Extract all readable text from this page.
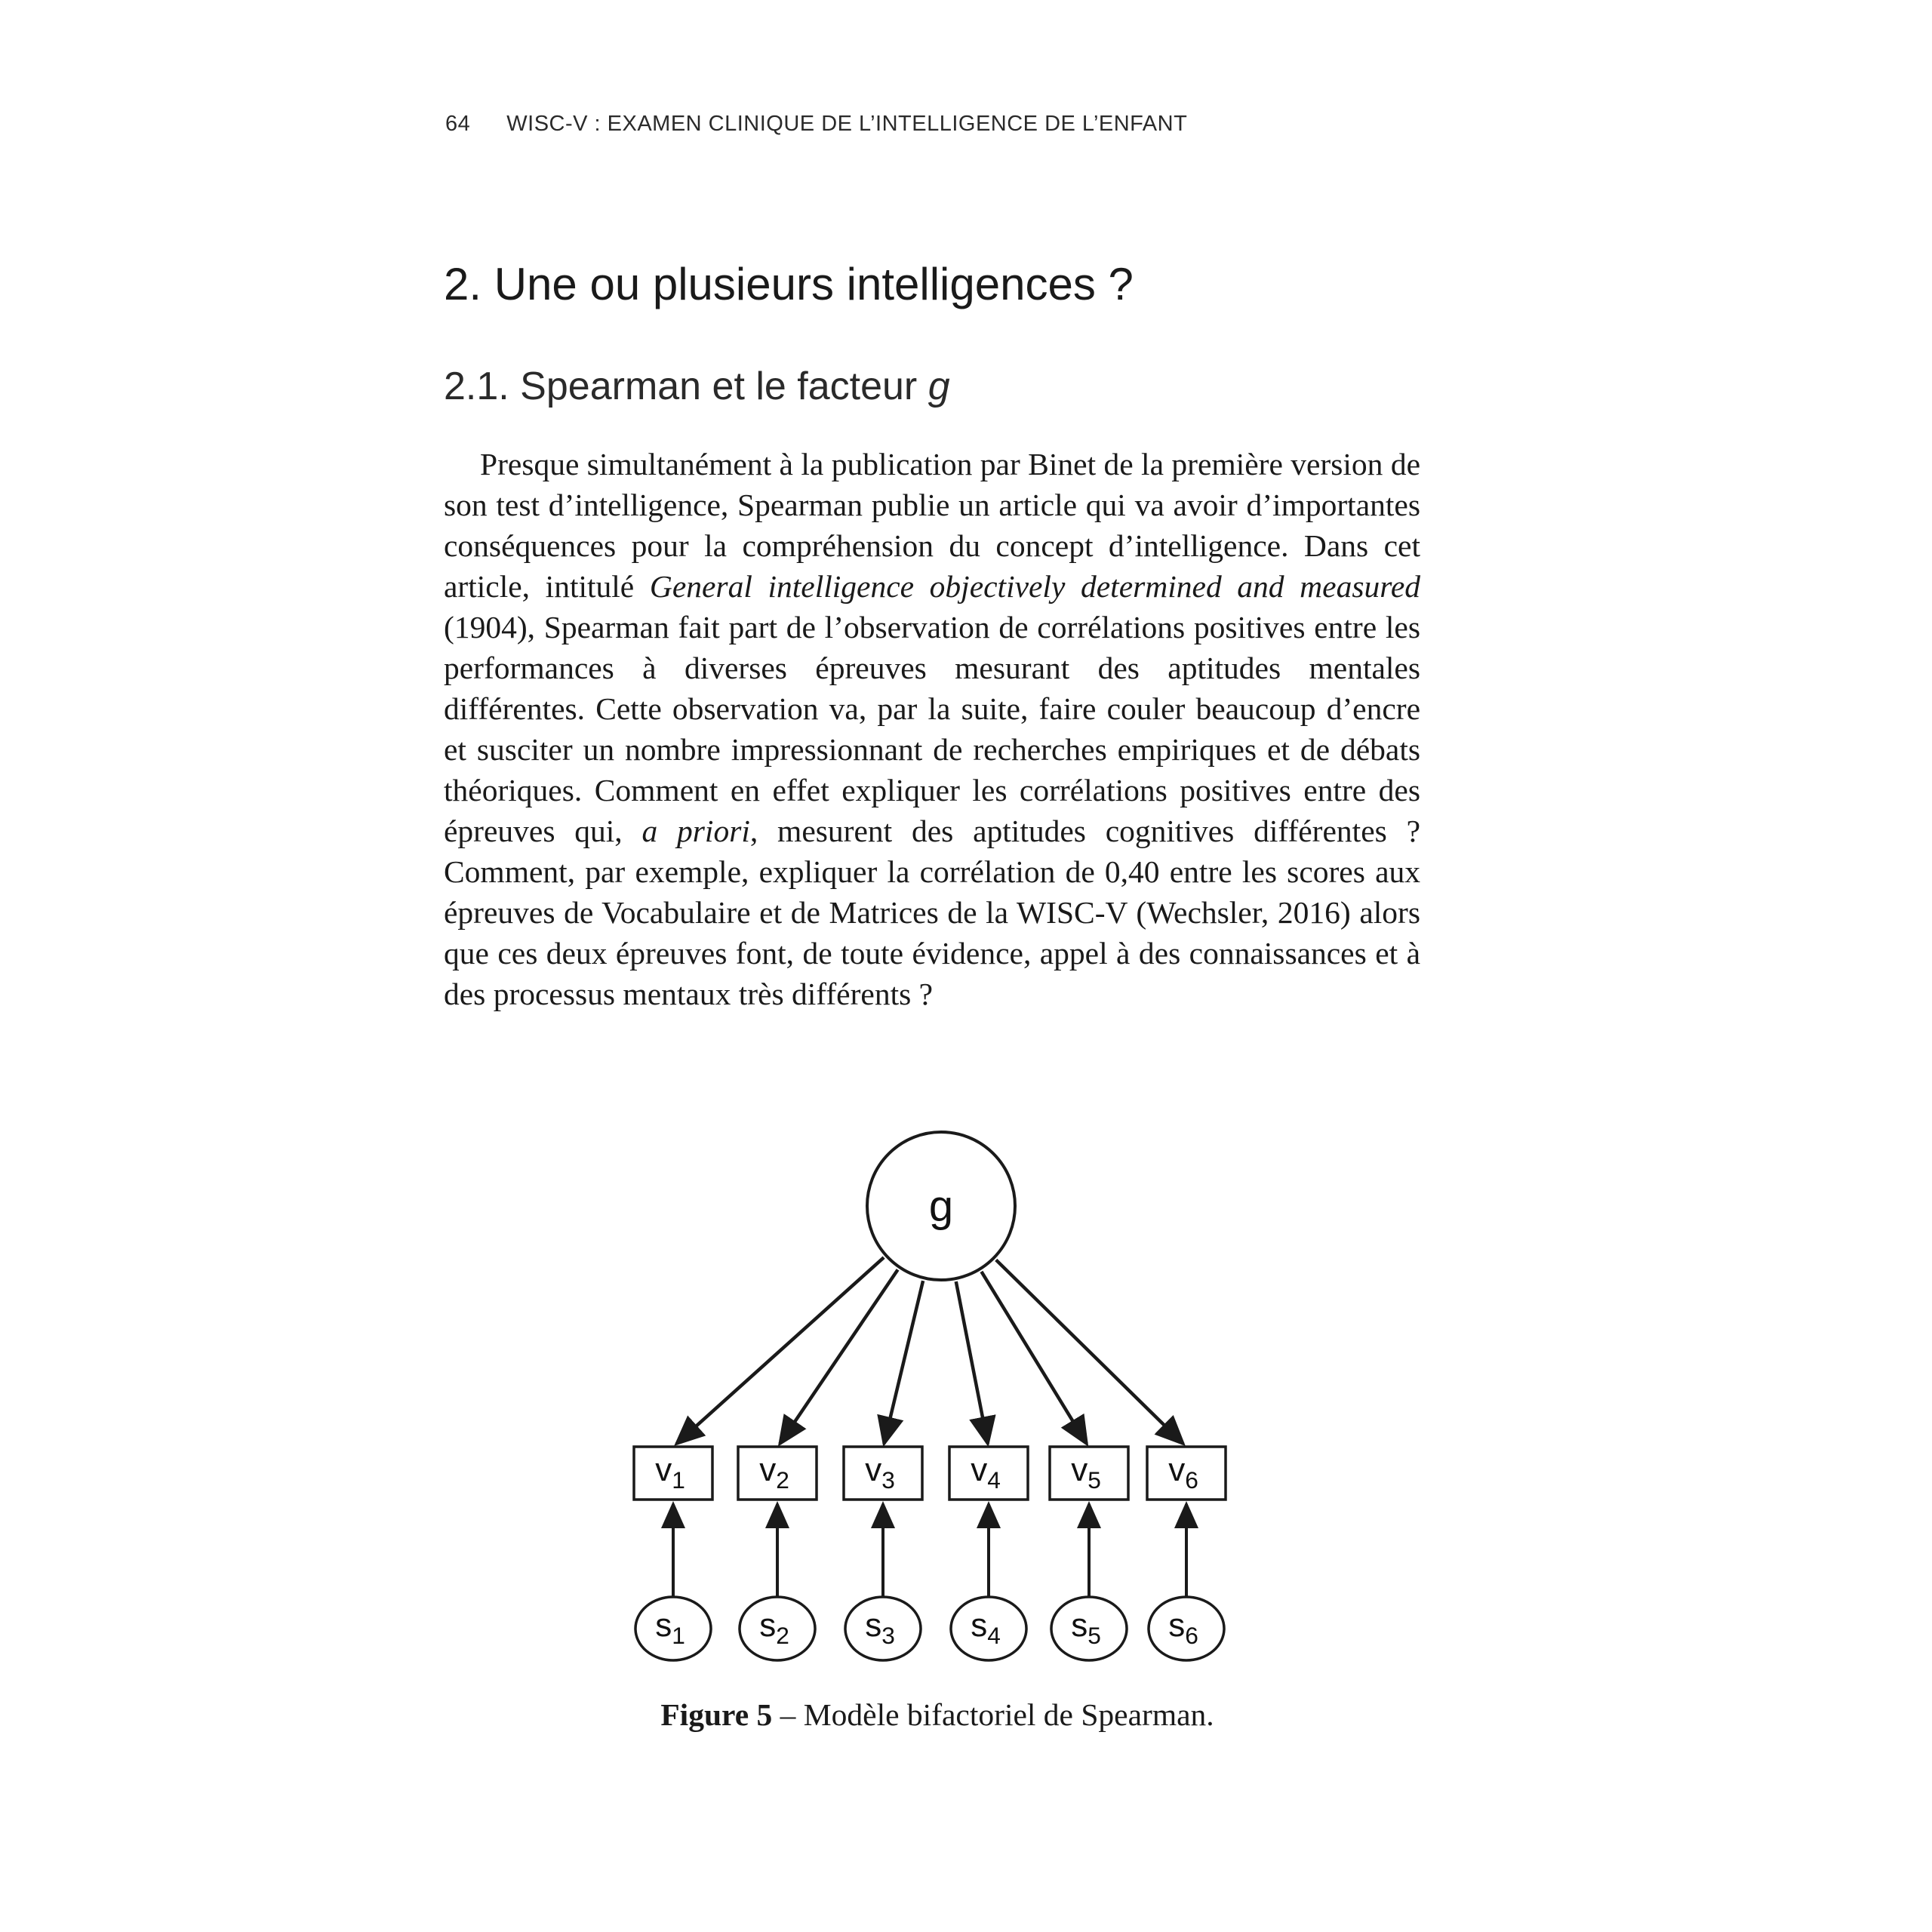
64 WISC-V : EXAMEN CLINIQUE DE L’INTELLIGENCE DE L’ENFANT
2. Une ou plusieurs intelligences ?
2.1. Spearman et le facteur g

Presque simultanément à la publication par Binet de la première version de son test d’intelligence, Spearman publie un article qui va avoir d’importantes conséquences pour la compréhension du concept d’intelligence. Dans cet article, intitulé General intelligence objectively determined and measured (1904), Spearman fait part de l’observation de corrélations positives entre les performances à diverses épreuves mesurant des aptitudes mentales différentes. Cette observation va, par la suite, faire couler beaucoup d’encre et susciter un nombre impressionnant de recherches empiriques et de débats théoriques. Comment en effet expliquer les corrélations positives entre des épreuves qui, a priori, mesurent des aptitudes cognitives différentes ? Comment, par exemple, expliquer la corrélation de 0,40 entre les scores aux épreuves de Vocabulaire et de Matrices de la WISC-V (Wechsler, 2016) alors que ces deux épreuves font, de toute évidence, appel à des connaissances et à des processus mentaux très différents ?

g
$v_1$ $v_2$ $v_3$ $v_4$ $v_5$ $v_6$
$s_1$ $s_2$ $s_3$ $s_4$ $s_5$ $s_6$
Figure 5 – Modèle bifactoriel de Spearman.
